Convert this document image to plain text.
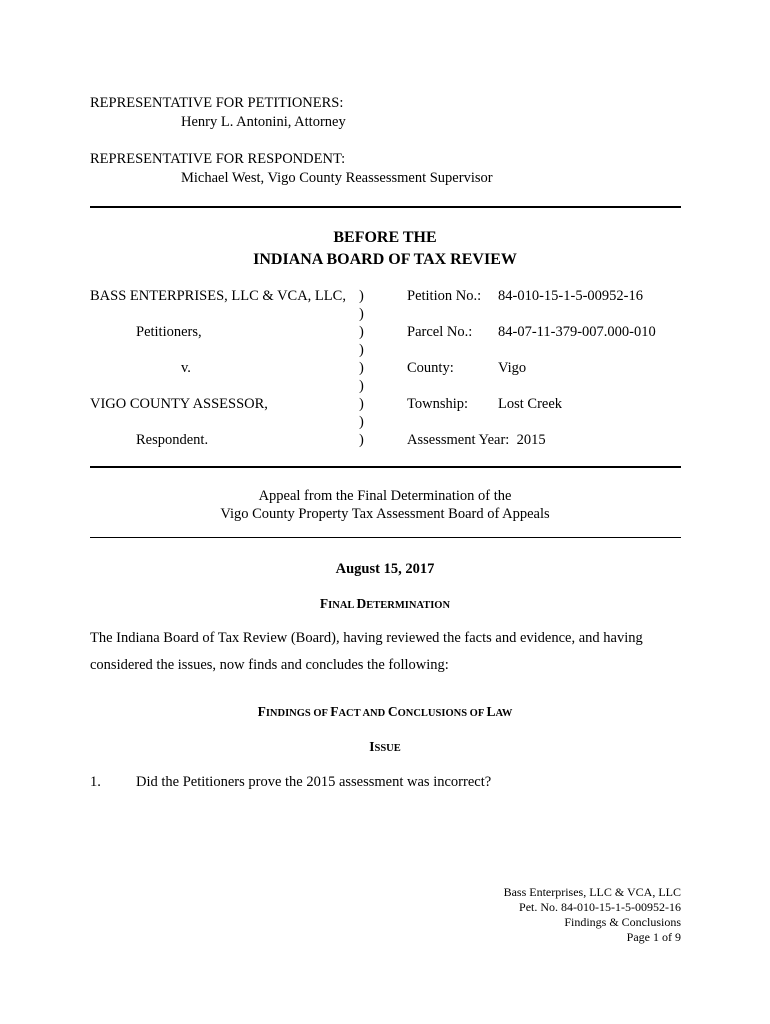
REPRESENTATIVE FOR PETITIONERS:
Henry L. Antonini, Attorney
REPRESENTATIVE FOR RESPONDENT:
Michael West, Vigo County Reassessment Supervisor
BEFORE THE
INDIANA BOARD OF TAX REVIEW
BASS ENTERPRISES, LLC & VCA, LLC,
Petitioners,
v.
VIGO COUNTY ASSESSOR,
Respondent.
)
)
)
)
)
)
)
)
)
Petition No.: 84-010-15-1-5-00952-16
Parcel No.: 84-07-11-379-007.000-010
County:	Vigo
Township: Lost Creek
Assessment Year: 2015
Appeal from the Final Determination of the
Vigo County Property Tax Assessment Board of Appeals
August 15, 2017
FINAL DETERMINATION
The Indiana Board of Tax Review (Board), having reviewed the facts and evidence, and having
considered the issues, now finds and concludes the following:
FINDINGS OF FACT AND CONCLUSIONS OF LAW
ISSUE
1. Did the Petitioners prove the 2015 assessment was incorrect?
Bass Enterprises, LLC & VCA, LLC
Pet. No. 84-010-15-1-5-00952-16
Findings & Conclusions
Page 1 of 9
